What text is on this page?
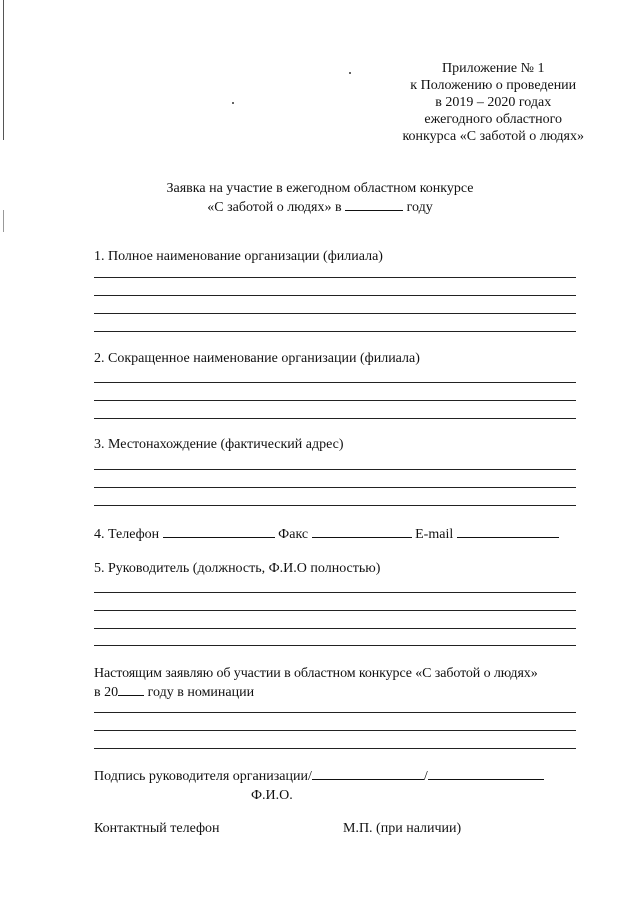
Приложение № 1
к Положению о проведении
в 2019 – 2020 годах
ежегодного областного
конкурса «С заботой о людях»
Заявка на участие в ежегодном областном конкурсе
«С заботой о людях» в	году
1. Полное наименование организации (филиала)
2. Сокращенное наименование организации (филиала)
3. Местонахождение (фактический адрес)
4. Телефон	Факс	E-mail
5. Руководитель (должность, Ф.И.О полностью)
Настоящим заявляю об участии в областном конкурсе «С заботой о людях»
в 20 году в номинации
Подпись руководителя организации/	/
Ф.И.О.
Контактный телефон	М.П. (при наличии)
